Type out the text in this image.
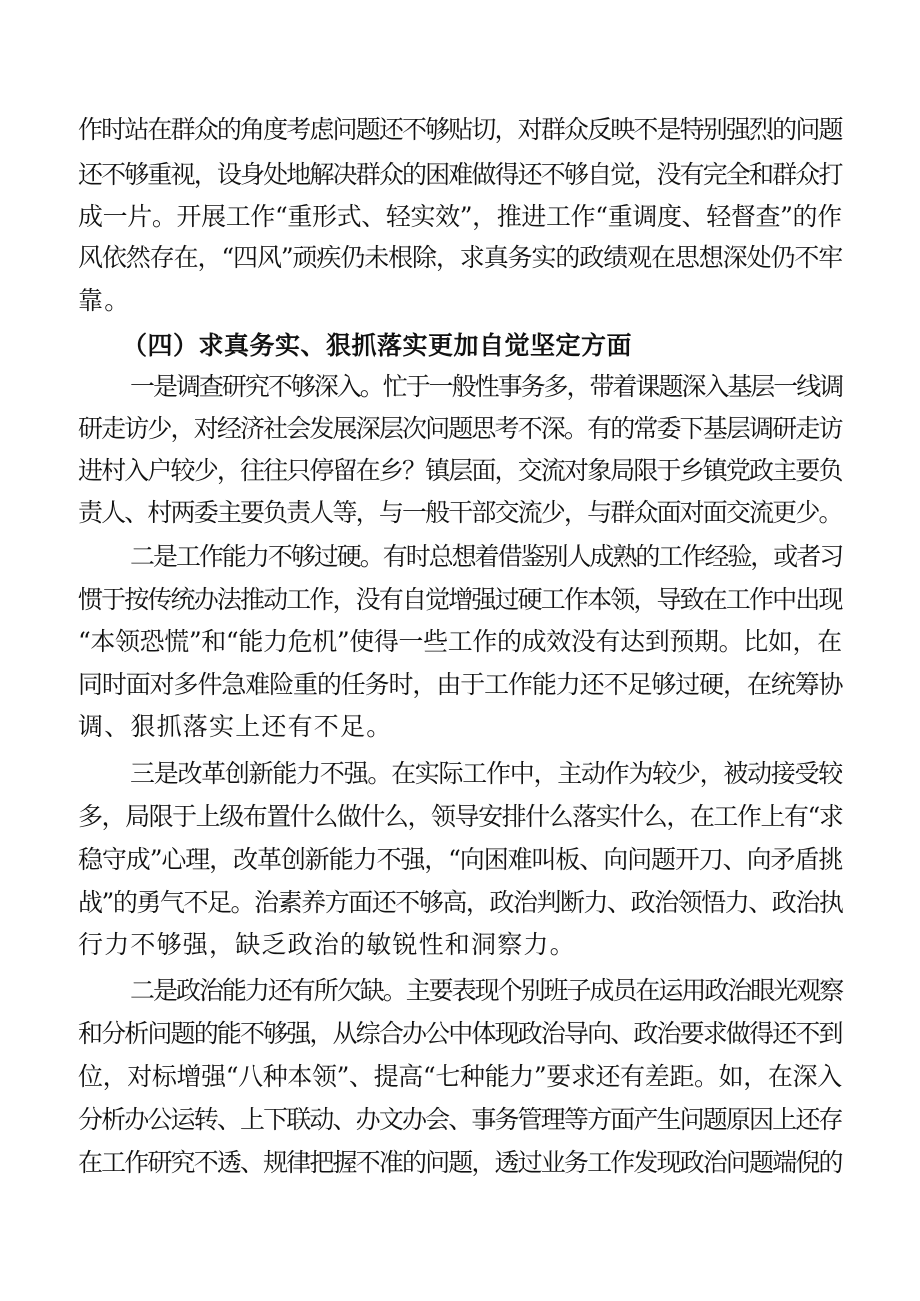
作时站在群众的角度考虑问题还不够贴切，对群众反映不是特别强烈的问题
还不够重视，设身处地解决群众的困难做得还不够自觉，没有完全和群众打
成一片。开展工作“重形式、轻实效”，推进工作“重调度、轻督查”的作
风依然存在，“四风”顽疾仍未根除，求真务实的政绩观在思想深处仍不牢
靠。
（四）求真务实、狠抓落实更加自觉坚定方面
一是调查研究不够深入。忙于一般性事务多，带着课题深入基层一线调
研走访少，对经济社会发展深层次问题思考不深。有的常委下基层调研走访
进村入户较少，往往只停留在乡？镇层面，交流对象局限于乡镇党政主要负
责人、村两委主要负责人等，与一般干部交流少，与群众面对面交流更少。
二是工作能力不够过硬。有时总想着借鉴别人成熟的工作经验，或者习
惯于按传统办法推动工作，没有自觉增强过硬工作本领，导致在工作中出现
“本领恐慌”和“能力危机”使得一些工作的成效没有达到预期。比如，在
同时面对多件急难险重的任务时，由于工作能力还不足够过硬，在统筹协
调、狠抓落实上还有不足。
三是改革创新能力不强。在实际工作中，主动作为较少，被动接受较
多，局限于上级布置什么做什么，领导安排什么落实什么，在工作上有“求
稳守成”心理，改革创新能力不强，“向困难叫板、向问题开刀、向矛盾挑
战”的勇气不足。治素养方面还不够高，政治判断力、政治领悟力、政治执
行力不够强，缺乏政治的敏锐性和洞察力。
二是政治能力还有所欠缺。主要表现个别班子成员在运用政治眼光观察
和分析问题的能不够强，从综合办公中体现政治导向、政治要求做得还不到
位，对标增强“八种本领”、提高“七种能力”要求还有差距。如，在深入
分析办公运转、上下联动、办文办会、事务管理等方面产生问题原因上还存
在工作研究不透、规律把握不准的问题，透过业务工作发现政治问题端倪的
